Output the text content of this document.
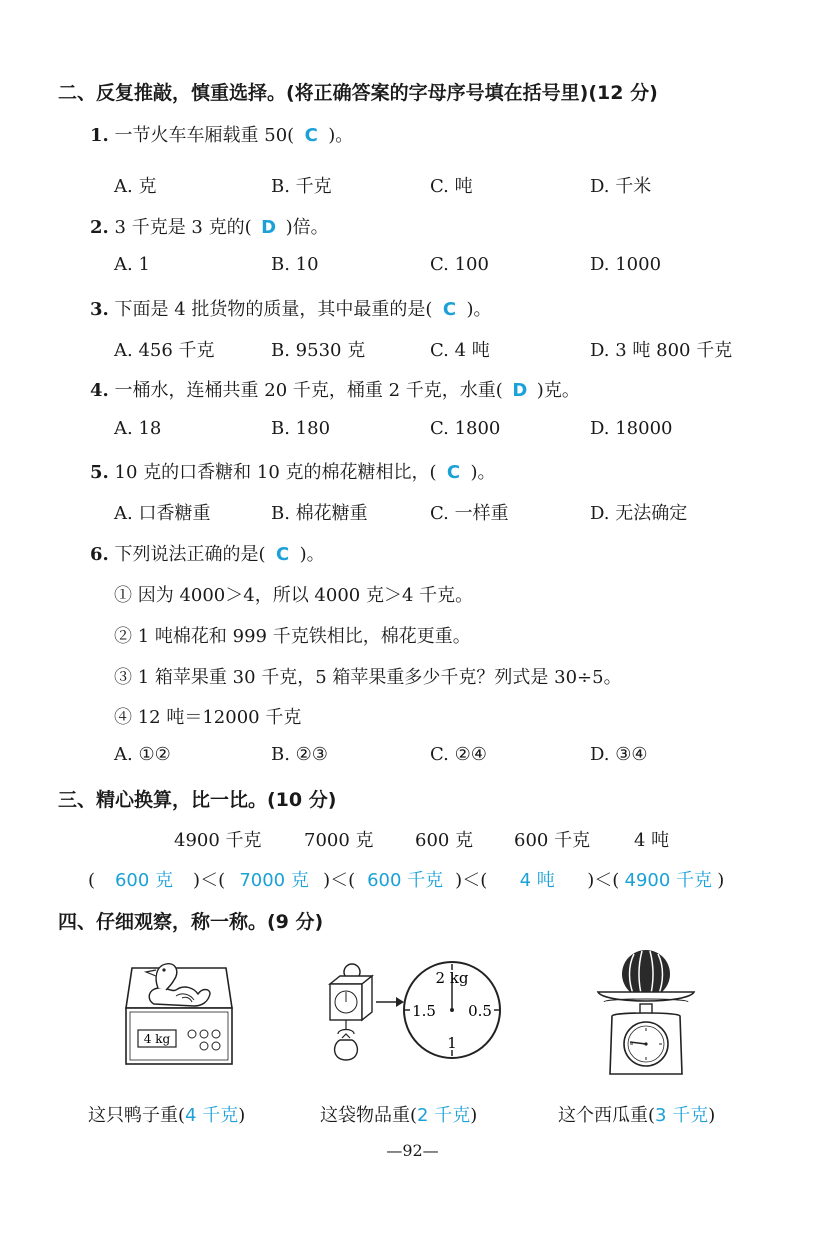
二、反复推敲，慎重选择。(将正确答案的字母序号填在括号里)(12 分)
1. 一节火车车厢载重 50( C )。
A. 克	B. 千克	C. 吨	D. 千米
2. 3 千克是 3 克的( D )倍。
A. 1	B. 10	C. 100	D. 1000
3. 下面是 4 批货物的质量，其中最重的是( C )。
A. 456 千克	B. 9530 克	C. 4 吨	D. 3 吨 800 千克
4. 一桶水，连桶共重 20 千克，桶重 2 千克，水重( D )克。
A. 18	B. 180	C. 1800	D. 18000
5. 10 克的口香糖和 10 克的棉花糖相比，( C )。
A. 口香糖重	B. 棉花糖重	C. 一样重	D. 无法确定
6. 下列说法正确的是( C )。
① 因为 4000＞4，所以 4000 克＞4 千克。
② 1 吨棉花和 999 千克铁相比，棉花更重。
③ 1 箱苹果重 30 千克，5 箱苹果重多少千克？列式是 30÷5。
④ 12 吨＝12000 千克
A. ①②	B. ②③	C. ②④	D. ③④
三、精心换算，比一比。(10 分)
4900 千克 7000 克 600 克 600 千克 4 吨
( 600 克 )＜( 7000 克 )＜( 600 千克 )＜( 4 吨 )＜( 4900 千克 )
四、仔细观察，称一称。(9 分)
4 kg
2 kg
1.5 0.5
1
这只鸭子重(4 千克)	这袋物品重(2 千克)	这个西瓜重(3 千克)
—92—
